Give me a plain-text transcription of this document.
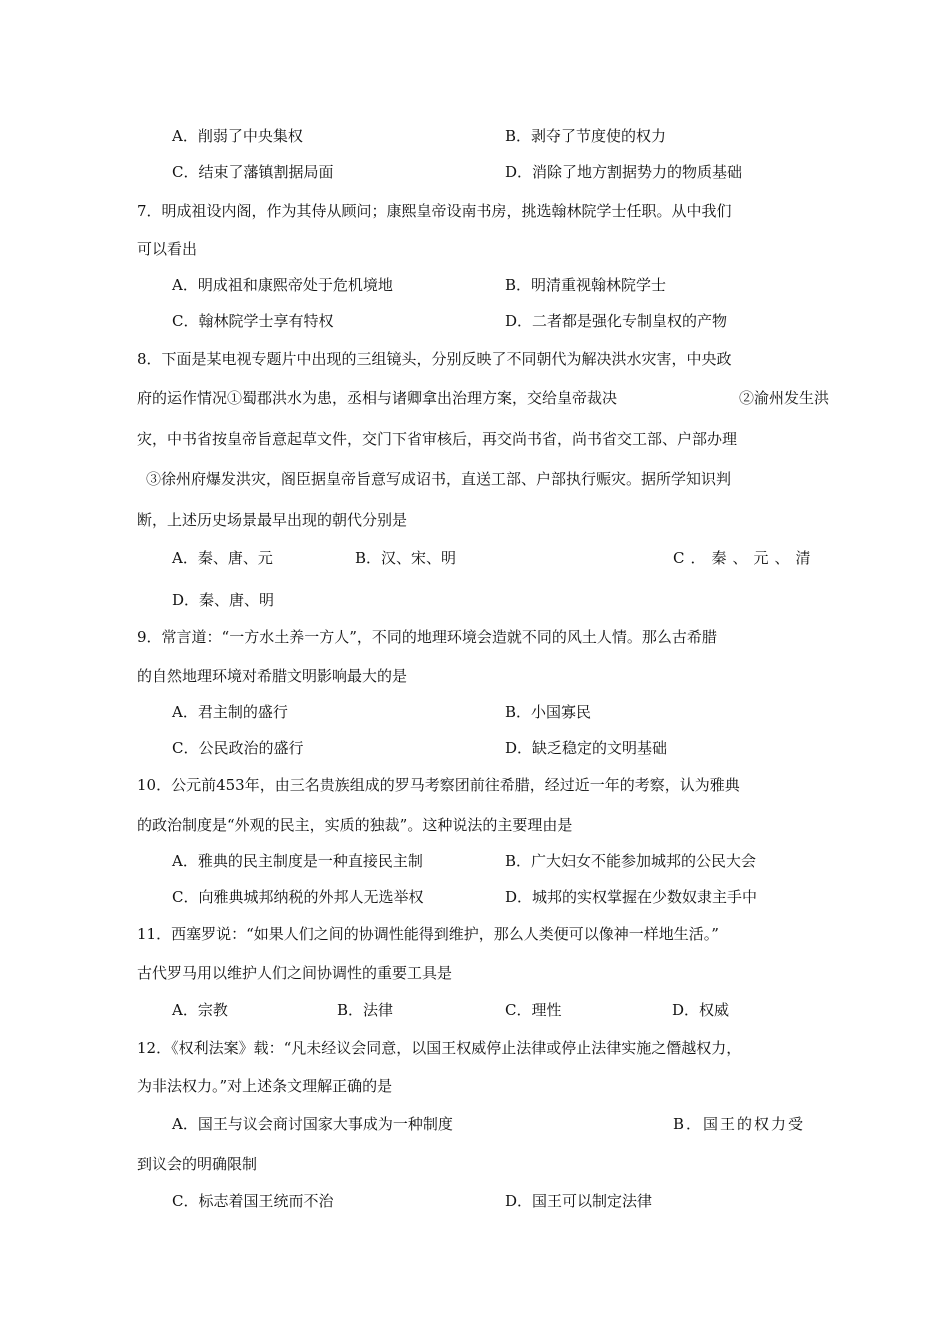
A．削弱了中央集权	B．剥夺了节度使的权力
C．结束了藩镇割据局面	D．消除了地方割据势力的物质基础
7．明成祖设内阁，作为其侍从顾问；康熙皇帝设南书房，挑选翰林院学士任职。从中我们
可以看出
A．明成祖和康熙帝处于危机境地	B．明清重视翰林院学士
C．翰林院学士享有特权	D．二者都是强化专制皇权的产物
8．下面是某电视专题片中出现的三组镜头，分别反映了不同朝代为解决洪水灾害，中央政
府的运作情况①蜀郡洪水为患，丞相与诸卿拿出治理方案，交给皇帝裁决	②渝州发生洪
灾，中书省按皇帝旨意起草文件，交门下省审核后，再交尚书省，尚书省交工部、户部办理
③徐州府爆发洪灾，阁臣据皇帝旨意写成诏书，直送工部、户部执行赈灾。据所学知识判
断，上述历史场景最早出现的朝代分别是
A．秦、唐、元	B．汉、宋、明	C．秦、元、清
D．秦、唐、明
9．常言道：“一方水土养一方人”，不同的地理环境会造就不同的风土人情。那么古希腊
的自然地理环境对希腊文明影响最大的是
A．君主制的盛行	B．小国寡民
C．公民政治的盛行	D．缺乏稳定的文明基础
10．公元前453年，由三名贵族组成的罗马考察团前往希腊，经过近一年的考察，认为雅典
的政治制度是“外观的民主，实质的独裁”。这种说法的主要理由是
A．雅典的民主制度是一种直接民主制	B．广大妇女不能参加城邦的公民大会
C．向雅典城邦纳税的外邦人无选举权	D．城邦的实权掌握在少数奴隶主手中
11．西塞罗说：“如果人们之间的协调性能得到维护，那么人类便可以像神一样地生活。”
古代罗马用以维护人们之间协调性的重要工具是
A．宗教	B．法律	C．理性	D．权威
12．《权利法案》载：“凡未经议会同意，以国王权威停止法律或停止法律实施之僭越权力，
为非法权力。”对上述条文理解正确的是
A．国王与议会商讨国家大事成为一种制度	B．国王的权力受
到议会的明确限制
C．标志着国王统而不治	D．国王可以制定法律
